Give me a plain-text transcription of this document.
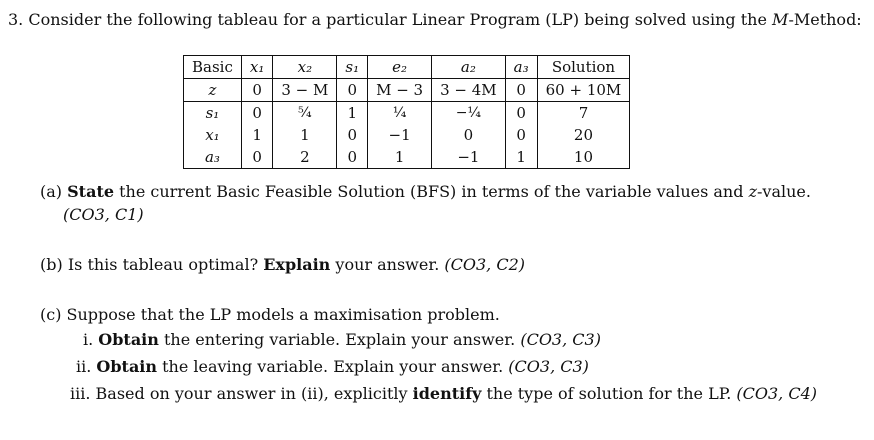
3. Consider the following tableau for a particular Linear Program (LP) being solved using the M-Method:
Basic	x₁	x₂	s₁	e₂	a₂	a₃	Solution
z	0	3 − M	0	M − 3	3 − 4M	0	60 + 10M
s₁	0	⁵⁄₄	1	¹⁄₄	−¹⁄₄	0	7
x₁	1	1	0	−1	0	0	20
a₃	0	2	0	1	−1	1	10
(a) State the current Basic Feasible Solution (BFS) in terms of the variable values and z-value.
(CO3, C1)
(b) Is this tableau optimal? Explain your answer. (CO3, C2)
(c) Suppose that the LP models a maximisation problem.
i. Obtain the entering variable. Explain your answer. (CO3, C3)
ii. Obtain the leaving variable. Explain your answer. (CO3, C3)
iii. Based on your answer in (ii), explicitly identify the type of solution for the LP. (CO3, C4)
